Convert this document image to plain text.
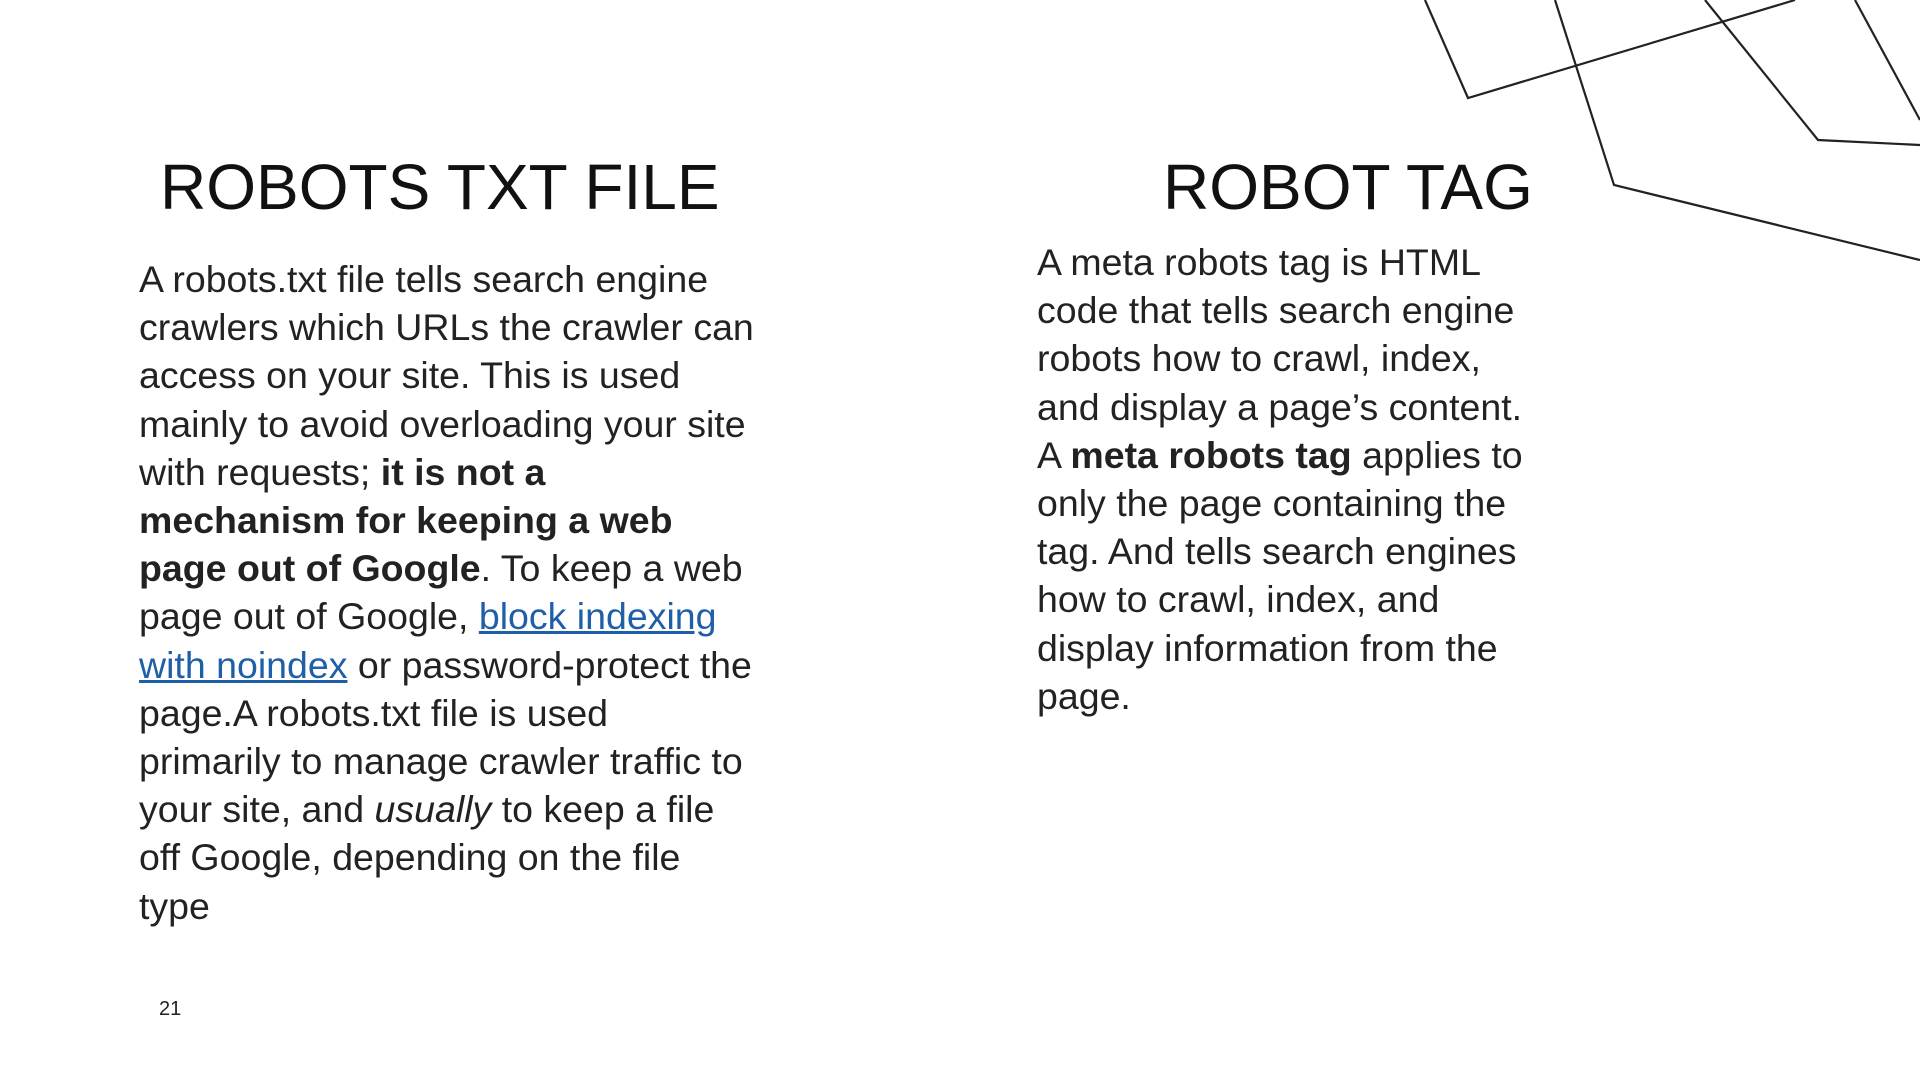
ROBOTS TXT FILE

A robots.txt file tells search engine crawlers which URLs the crawler can access on your site. This is used mainly to avoid overloading your site with requests; it is not a mechanism for keeping a web page out of Google. To keep a web page out of Google, block indexing with noindex or password-protect the page.A robots.txt file is used primarily to manage crawler traffic to your site, and usually to keep a file off Google, depending on the file type

ROBOT TAG

A meta robots tag is HTML code that tells search engine robots how to crawl, index, and display a page’s content. A meta robots tag applies to only the page containing the tag. And tells search engines how to crawl, index, and display information from the page.

21
